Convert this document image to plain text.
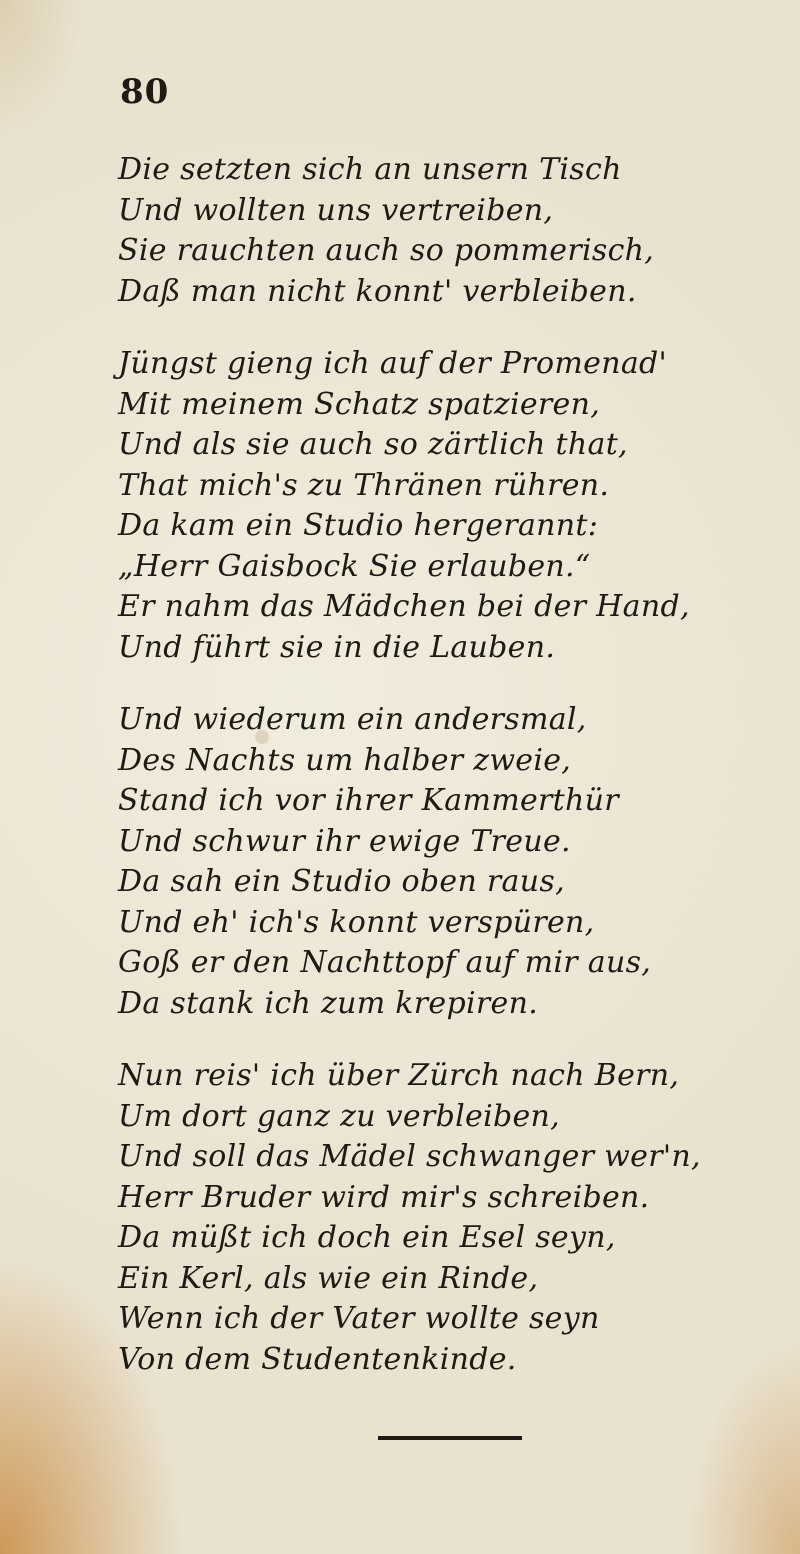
80
Die setzten sich an unsern Tisch
Und wollten uns vertreiben,
Sie rauchten auch so pommerisch,
Daß man nicht konnt' verbleiben.
Jüngst gieng ich auf der Promenad'
Mit meinem Schatz spatzieren,
Und als sie auch so zärtlich that,
That mich's zu Thränen rühren.
Da kam ein Studio hergerannt:
„Herr Gaisbock Sie erlauben.“
Er nahm das Mädchen bei der Hand,
Und führt sie in die Lauben.
Und wiederum ein andersmal,
Des Nachts um halber zweie,
Stand ich vor ihrer Kammerthür
Und schwur ihr ewige Treue.
Da sah ein Studio oben raus,
Und eh' ich's konnt verspüren,
Goß er den Nachttopf auf mir aus,
Da stank ich zum krepiren.
Nun reis' ich über Zürch nach Bern,
Um dort ganz zu verbleiben,
Und soll das Mädel schwanger wer'n,
Herr Bruder wird mir's schreiben.
Da müßt ich doch ein Esel seyn,
Ein Kerl, als wie ein Rinde,
Wenn ich der Vater wollte seyn
Von dem Studentenkinde.
